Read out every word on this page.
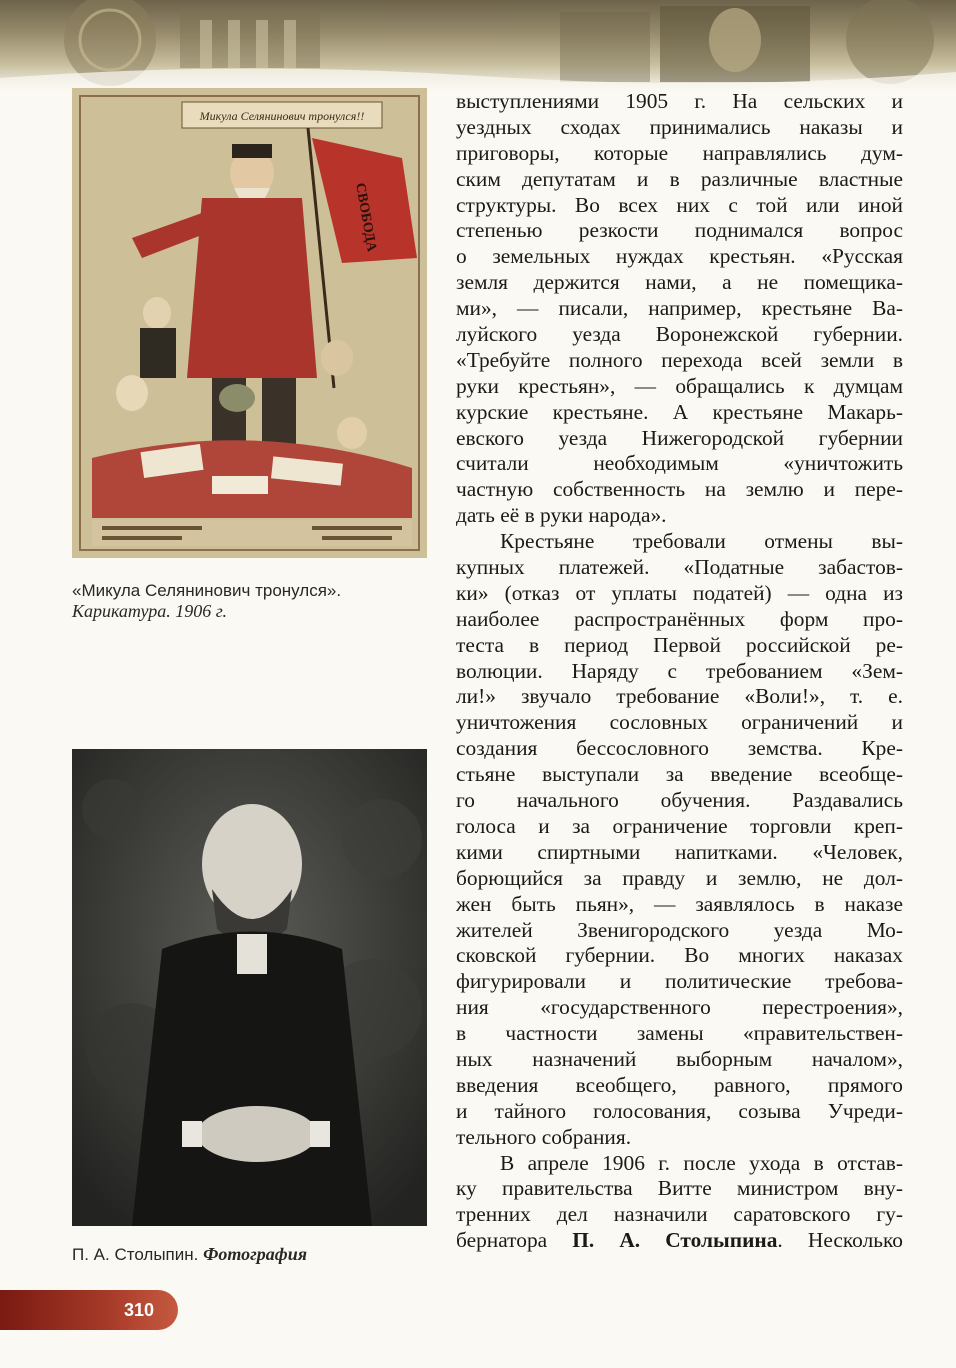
Микула Селянинович тронулся!!
СВОБОДА
«Микула Селянинович тронулся».
Карикатура. 1906 г.
П. А. Столыпин. Фотография
выступлениями 1905 г. На сельских и
уездных сходах принимались наказы и
приговоры, которые направлялись дум-
ским депутатам и в различные властные
структуры. Во всех них с той или иной
степенью резкости поднимался вопрос
о земельных нуждах крестьян. «Русская
земля держится нами, а не помещика-
ми», — писали, например, крестьяне Ва-
луйского уезда Воронежской губернии.
«Требуйте полного перехода всей земли в
руки крестьян», — обращались к думцам
курские крестьяне. А крестьяне Макарь-
евского уезда Нижегородской губернии
считали необходимым «уничтожить
частную собственность на землю и пере-
дать её в руки народа».
Крестьяне требовали отмены вы-
купных платежей. «Податные забастов-
ки» (отказ от уплаты податей) — одна из
наиболее распространённых форм про-
теста в период Первой российской ре-
волюции. Наряду с требованием «Зем-
ли!» звучало требование «Воли!», т. е.
уничтожения сословных ограничений и
создания бессословного земства. Кре-
стьяне выступали за введение всеобще-
го начального обучения. Раздавались
голоса и за ограничение торговли креп-
кими спиртными напитками. «Человек,
борющийся за правду и землю, не дол-
жен быть пьян», — заявлялось в наказе
жителей Звенигородского уезда Мо-
сковской губернии. Во многих наказах
фигурировали и политические требова-
ния «государственного перестроения»,
в частности замены «правительствен-
ных назначений выборным началом»,
введения всеобщего, равного, прямого
и тайного голосования, созыва Учреди-
тельного собрания.
В апреле 1906 г. после ухода в отстав-
ку правительства Витте министром вну-
тренних дел назначили саратовского гу-
бернатора П. А. Столыпина. Несколько
310
